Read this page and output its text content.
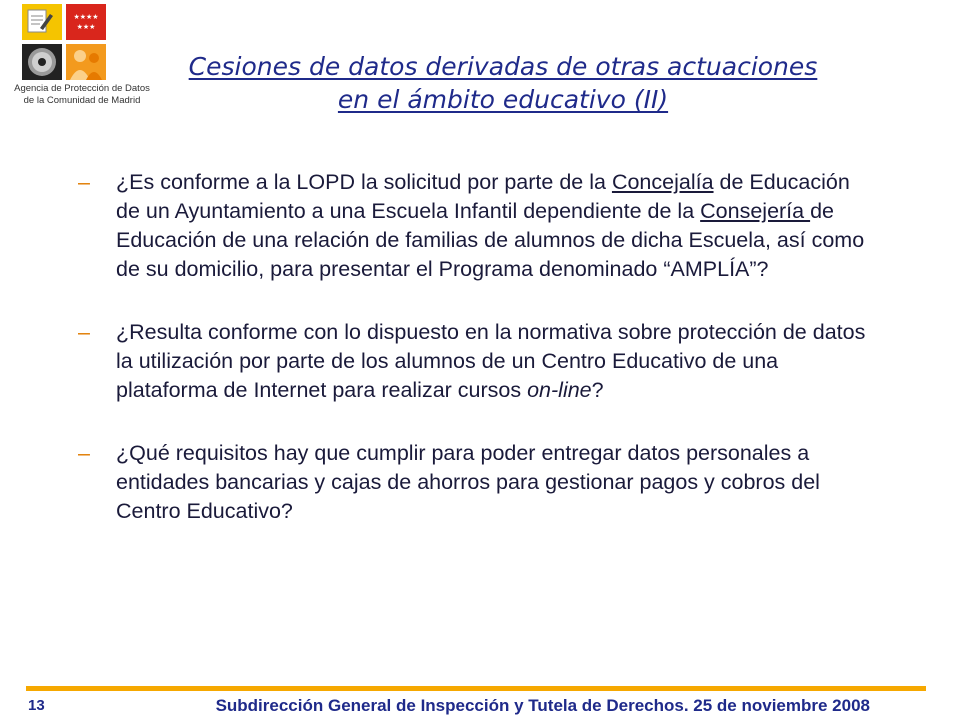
★★★★
★★★
Agencia de Protección de Datos
de la Comunidad de Madrid
Cesiones de datos derivadas de otras actuaciones
en el ámbito educativo (II)
– ¿Es conforme a la LOPD la solicitud por parte de la Concejalía de Educación de un Ayuntamiento a una Escuela Infantil dependiente de la Consejería de Educación de una relación de familias de alumnos de dicha Escuela, así como de su domicilio, para presentar el Programa denominado “AMPLÍA”?
– ¿Resulta conforme con lo dispuesto en la normativa sobre protección de datos la utilización por parte de los alumnos de un Centro Educativo de una plataforma de Internet para realizar cursos on-line?
– ¿Qué requisitos hay que cumplir para poder entregar datos personales a entidades bancarias y cajas de ahorros para gestionar pagos y cobros del Centro Educativo?
13	Subdirección General de Inspección y Tutela de Derechos. 25 de noviembre 2008
